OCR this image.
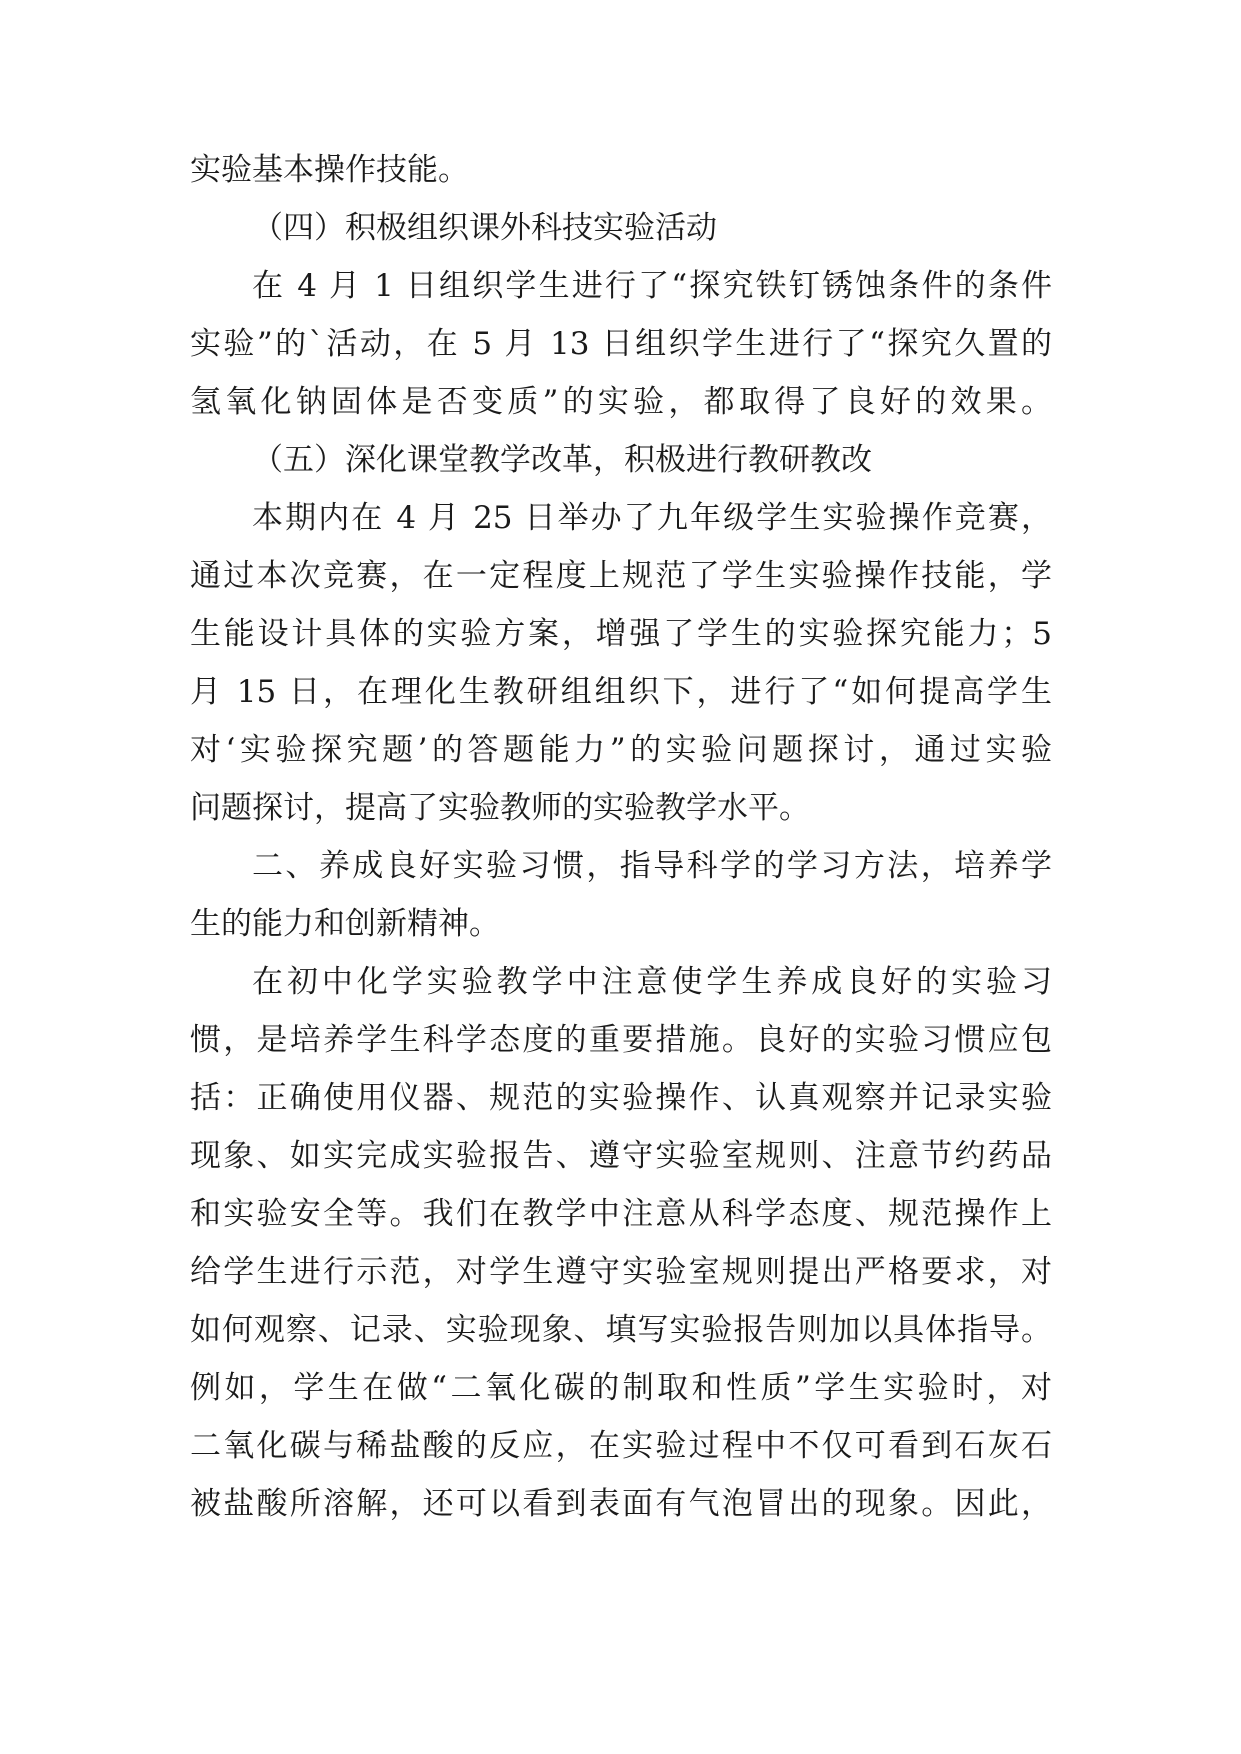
实验基本操作技能。
（四）积极组织课外科技实验活动
在 4 月 1 日组织学生进行了“探究铁钉锈蚀条件的条件
实验”的`活动，在 5 月 13 日组织学生进行了“探究久置的
氢氧化钠固体是否变质”的实验，都取得了良好的效果。
（五）深化课堂教学改革，积极进行教研教改
本期内在 4 月 25 日举办了九年级学生实验操作竞赛，
通过本次竞赛，在一定程度上规范了学生实验操作技能，学
生能设计具体的实验方案，增强了学生的实验探究能力；5
月 15 日，在理化生教研组组织下，进行了“如何提高学生
对‘实验探究题’的答题能力”的实验问题探讨，通过实验
问题探讨，提高了实验教师的实验教学水平。
二、养成良好实验习惯，指导科学的学习方法，培养学
生的能力和创新精神。
在初中化学实验教学中注意使学生养成良好的实验习
惯，是培养学生科学态度的重要措施。良好的实验习惯应包
括：正确使用仪器、规范的实验操作、认真观察并记录实验
现象、如实完成实验报告、遵守实验室规则、注意节约药品
和实验安全等。我们在教学中注意从科学态度、规范操作上
给学生进行示范，对学生遵守实验室规则提出严格要求，对
如何观察、记录、实验现象、填写实验报告则加以具体指导。
例如，学生在做“二氧化碳的制取和性质”学生实验时，对
二氧化碳与稀盐酸的反应，在实验过程中不仅可看到石灰石
被盐酸所溶解，还可以看到表面有气泡冒出的现象。因此，
